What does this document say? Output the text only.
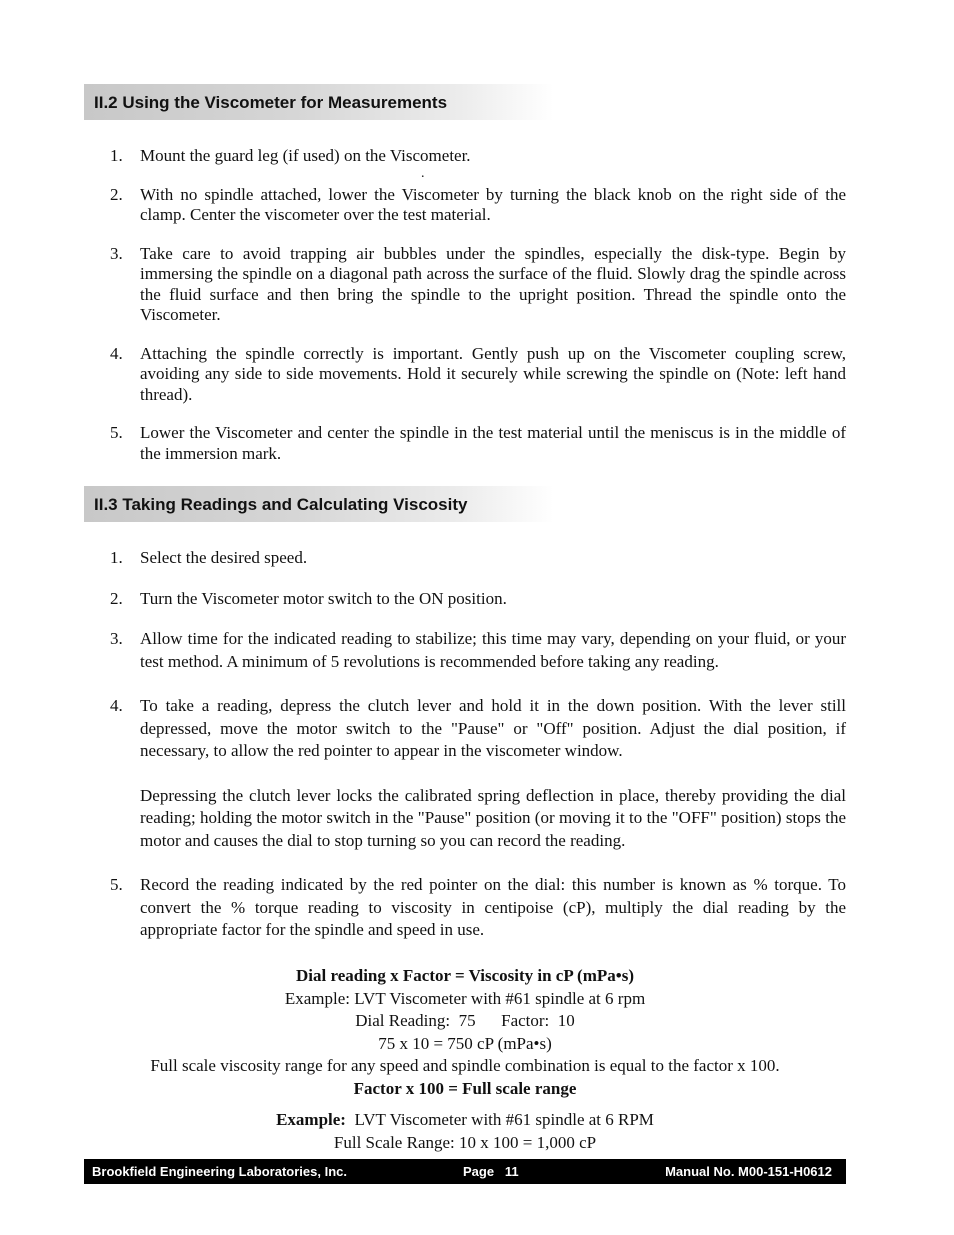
II.2 Using the Viscometer for Measurements
1. Mount the guard leg (if used) on the Viscometer.

2. With no spindle attached, lower the Viscometer by turning the black knob on the right side of the clamp. Center the viscometer over the test material.

3. Take care to avoid trapping air bubbles under the spindles, especially the disk-type. Begin by immersing the spindle on a diagonal path across the surface of the fluid. Slowly drag the spindle across the fluid surface and then bring the spindle to the upright position. Thread the spindle onto the Viscometer.

4. Attaching the spindle correctly is important. Gently push up on the Viscometer coupling screw, avoiding any side to side movements. Hold it securely while screwing the spindle on (Note: left hand thread).

5. Lower the Viscometer and center the spindle in the test material until the meniscus is in the middle of the immersion mark.

.
II.3 Taking Readings and Calculating Viscosity
1. Select the desired speed.

2. Turn the Viscometer motor switch to the ON position.

3. Allow time for the indicated reading to stabilize; this time may vary, depending on your fluid, or your test method. A minimum of 5 revolutions is recommended before taking any reading.

4. To take a reading, depress the clutch lever and hold it in the down position. With the lever still depressed, move the motor switch to the "Pause" or "Off" position. Adjust the dial position, if necessary, to allow the red pointer to appear in the viscometer window.

Depressing the clutch lever locks the calibrated spring deflection in place, thereby providing the dial reading; holding the motor switch in the "Pause" position (or moving it to the "OFF" position) stops the motor and causes the dial to stop turning so you can record the reading.

5. Record the reading indicated by the red pointer on the dial: this number is known as % torque. To convert the % torque reading to viscosity in centipoise (cP), multiply the dial reading by the appropriate factor for the spindle and speed in use.

Dial reading x Factor = Viscosity in cP (mPa•s)
Example: LVT Viscometer with #61 spindle at 6 rpm
Dial Reading:  75      Factor:  10
75 x 10 = 750 cP (mPa•s)
Full scale viscosity range for any speed and spindle combination is equal to the factor x 100.
Factor x 100 = Full scale range
Example:  LVT Viscometer with #61 spindle at 6 RPM
Full Scale Range: 10 x 100 = 1,000 cP
Brookfield Engineering Laboratories, Inc.	Page   11	Manual No. M00-151-H0612
